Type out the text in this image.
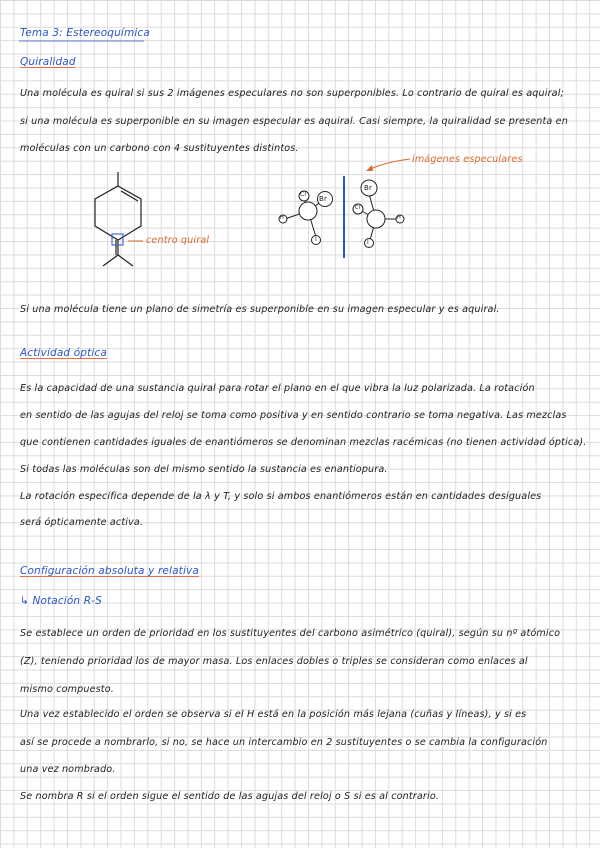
Tema 3: Estereoquímica
Quiralidad
Una molécula es quiral si sus 2 imágenes especulares no son superponibles. Lo contrario de quiral es aquiral;
si una molécula es superponible en su imagen especular es aquiral. Casi siempre, la quiralidad se presenta en
moléculas con un carbono con 4 sustituyentes distintos.
imágenes especulares
Cl
Br
H
I
Br
Cl
H
I
centro quiral
Si una molécula tiene un plano de simetría es superponible en su imagen especular y es aquiral.
Actividad óptica
Es la capacidad de una sustancia quiral para rotar el plano en el que vibra la luz polarizada. La rotación
en sentido de las agujas del reloj se toma como positiva y en sentido contrario se toma negativa. Las mezclas
que contienen cantidades iguales de enantiómeros se denominan mezclas racémicas (no tienen actividad óptica).
Si todas las moléculas son del mismo sentido la sustancia es enantiopura.
La rotación específica depende de la λ y T, y solo si ambos enantiómeros están en cantidades desiguales
será ópticamente activa.
Configuración absoluta y relativa
↳ Notación R-S
Se establece un orden de prioridad en los sustituyentes del carbono asimétrico (quiral), según su nº atómico
(Z), teniendo prioridad los de mayor masa. Los enlaces dobles o triples se consideran como enlaces al
mismo compuesto.
Una vez establecido el orden se observa si el H está en la posición más lejana (cuñas y líneas), y si es
así se procede a nombrarlo, si no, se hace un intercambio en 2 sustituyentes o se cambia la configuración
una vez nombrado.
Se nombra R si el orden sigue el sentido de las agujas del reloj o S si es al contrario.
